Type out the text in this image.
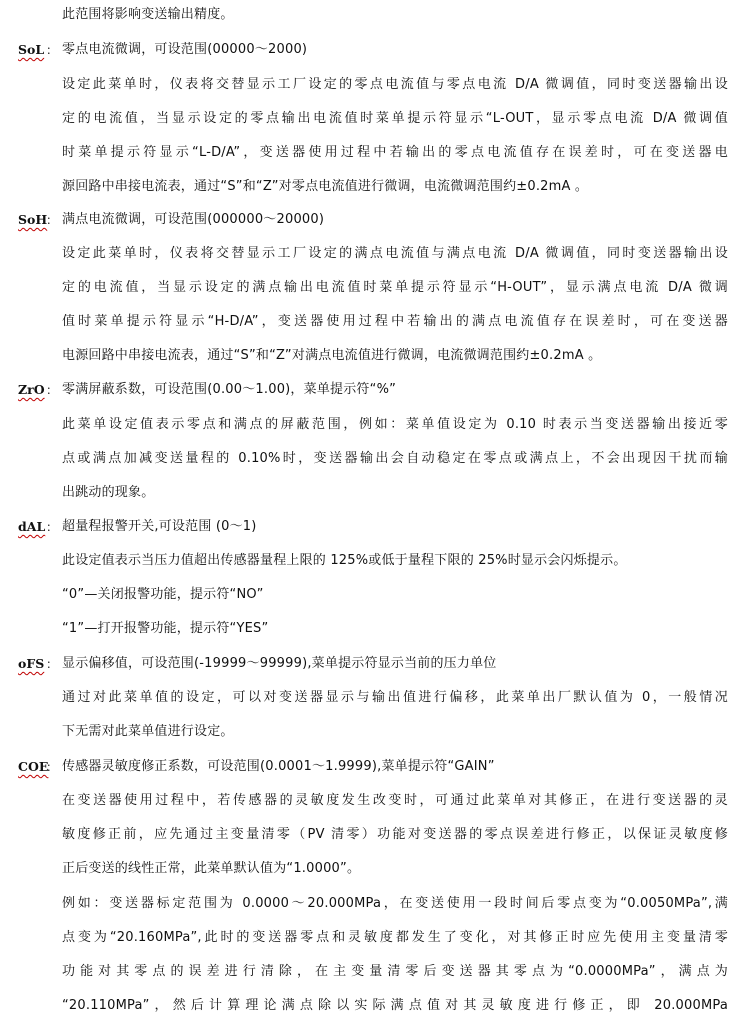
此范围将影响变送输出精度。
SoL ： 零点电流微调，可设范围(00000～2000)
设定此菜单时，仪表将交替显示工厂设定的零点电流值与零点电流 D/A 微调值，同时变送器输出设
定的电流值，当显示设定的零点输出电流值时菜单提示符显示“L-OUT，显示零点电流 D/A 微调值
时菜单提示符显示“L-D/A”，变送器使用过程中若输出的零点电流值存在误差时，可在变送器电
源回路中串接电流表，通过“S”和“Z”对零点电流值进行微调，电流微调范围约±0.2mA 。
SoH
： 满点电流微调，可设范围(000000～20000)
设定此菜单时，仪表将交替显示工厂设定的满点电流值与满点电流 D/A 微调值，同时变送器输出设
定的电流值，当显示设定的满点输出电流值时菜单提示符显示“H-OUT”，显示满点电流 D/A 微调
值时菜单提示符显示“H-D/A”，变送器使用过程中若输出的满点电流值存在误差时，可在变送器
电源回路中串接电流表，通过“S”和“Z”对满点电流值进行微调，电流微调范围约±0.2mA 。
ZrO ： 零满屏蔽系数，可设范围(0.00～1.00)，菜单提示符“%”
此菜单设定值表示零点和满点的屏蔽范围，例如：菜单值设定为 0.10 时表示当变送器输出接近零
点或满点加减变送量程的 0.10%时，变送器输出会自动稳定在零点或满点上，不会出现因干扰而输
出跳动的现象。
dAL ： 超量程报警开关,可设范围 (0～1)
此设定值表示当压力值超出传感器量程上限的 125%或低于量程下限的 25%时显示会闪烁提示。
“0”—关闭报警功能，提示符“NO”
“1”—打开报警功能，提示符“YES”
oFS ： 显示偏移值，可设范围(-19999～99999),菜单提示符显示当前的压力单位
通过对此菜单值的设定，可以对变送器显示与输出值进行偏移，此菜单出厂默认值为 0，一般情况
下无需对此菜单值进行设定。
COE
： 传感器灵敏度修正系数，可设范围(0.0001～1.9999),菜单提示符“GAIN”
在变送器使用过程中，若传感器的灵敏度发生改变时，可通过此菜单对其修正，在进行变送器的灵
敏度修正前，应先通过主变量清零（PV 清零）功能对变送器的零点误差进行修正，以保证灵敏度修
正后变送的线性正常，此菜单默认值为“1.0000”。
例如：变送器标定范围为 0.0000～20.000MPa，在变送使用一段时间后零点变为“0.0050MPa”,满
点变为“20.160MPa”,此时的变送器零点和灵敏度都发生了变化，对其修正时应先使用主变量清零
功能对其零点的误差进行清除，在主变量清零后变送器其零点为“0.0000MPa”，满点为
“20.110MPa”，然后计算理论满点除以实际满点值对其灵敏度进行修正，即 20.000MPa
